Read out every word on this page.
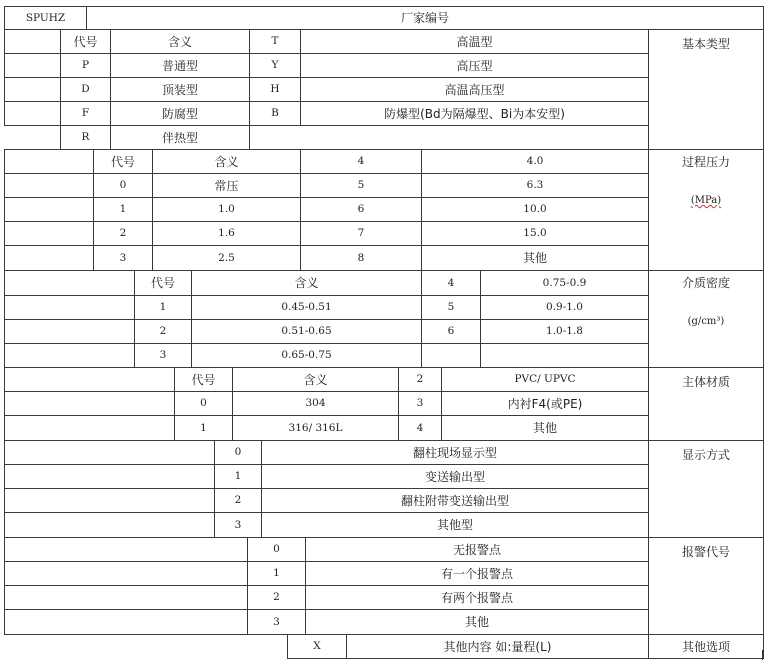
SPUHZ	厂家编号
代号	含义	T	高温型	基本类型
P	普通型	Y	高压型
D	顶装型	H	高温高压型
F	防腐型	B	防爆型(Bd为隔爆型、Bi为本安型)
R	伴热型
代号	含义	4	4.0	过程压力
(MPa)
0	常压	5	6.3
1	1.0	6	10.0
2	1.6	7	15.0
3	2.5	8	其他
代号	含义	4	0.75-0.9	介质密度
(g/cm³)
1	0.45-0.51	5	0.9-1.0
2	0.51-0.65	6	1.0-1.8
3	0.65-0.75
代号	含义	2	PVC/ UPVC	主体材质
0	304	3	内衬F4(或PE)
1	316/ 316L	4	其他
0	翻柱现场显示型	显示方式
1	变送输出型
2	翻柱附带变送输出型
3	其他型
0	无报警点	报警代号
1	有一个报警点
2	有两个报警点
3	其他
X	其他内容 如:量程(L)	其他选项
